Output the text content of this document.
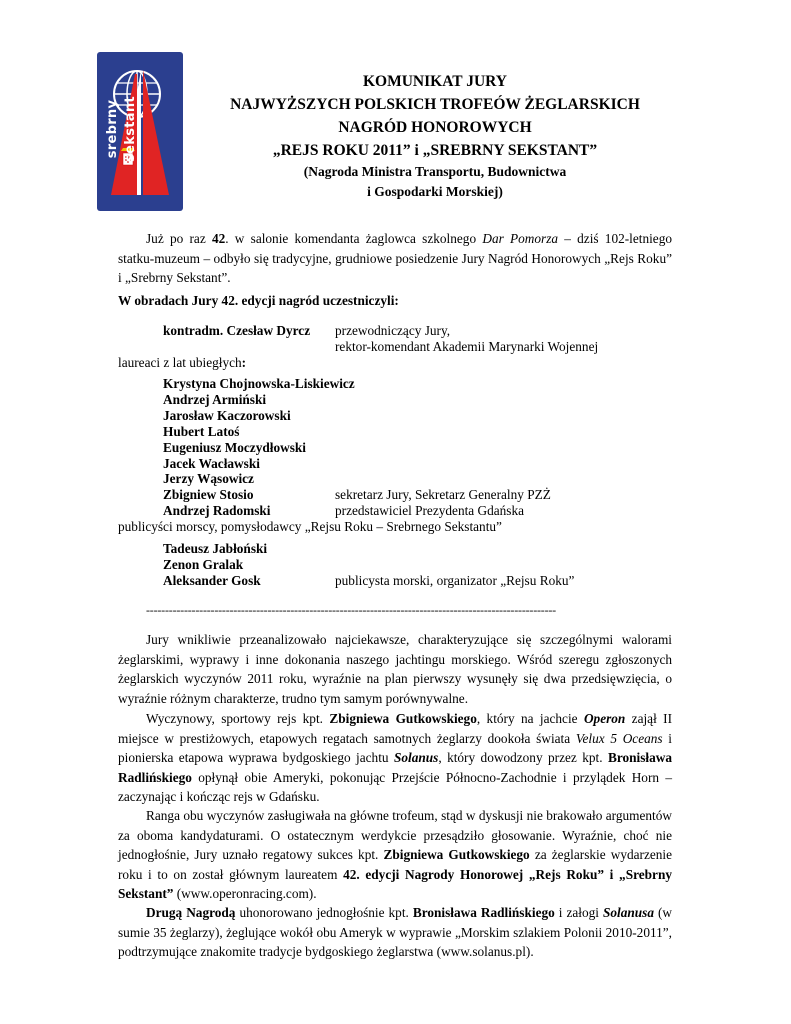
srebrny sekstant	rejs roku
KOMUNIKAT JURY
NAJWYŻSZYCH POLSKICH TROFEÓW ŻEGLARSKICH
NAGRÓD HONOROWYCH
„REJS ROKU 2011” i „SREBRNY SEKSTANT”
(Nagroda Ministra Transportu, Budownictwa
i Gospodarki Morskiej)
Już po raz 42. w salonie komendanta żaglowca szkolnego Dar Pomorza – dziś 102-letniego statku-muzeum – odbyło się tradycyjne, grudniowe posiedzenie Jury Nagród Honorowych „Rejs Roku” i „Srebrny Sekstant”.
W obradach Jury 42. edycji nagród uczestniczyli:
kontradm. Czesław Dyrcz przewodniczący Jury,
rektor-komendant Akademii Marynarki Wojennej
laureaci z lat ubiegłych:
Krystyna Chojnowska-Liskiewicz
Andrzej Armiński
Jarosław Kaczorowski
Hubert Latoś
Eugeniusz Moczydłowski
Jacek Wacławski
Jerzy Wąsowicz
Zbigniew Stosio	sekretarz Jury, Sekretarz Generalny PZŻ
Andrzej Radomski	przedstawiciel Prezydenta Gdańska
publicyści morscy, pomysłodawcy „Rejsu Roku – Srebrnego Sekstantu”
Tadeusz Jabłoński
Zenon Gralak
Aleksander Gosk	publicysta morski, organizator „Rejsu Roku”
------------------------------------------------------------------------------------------------------------
Jury wnikliwie przeanalizowało najciekawsze, charakteryzujące się szczególnymi walorami żeglarskimi, wyprawy i inne dokonania naszego jachtingu morskiego. Wśród szeregu zgłoszonych żeglarskich wyczynów 2011 roku, wyraźnie na plan pierwszy wysunęły się dwa przedsięwzięcia, o wyraźnie różnym charakterze, trudno tym samym porównywalne.
Wyczynowy, sportowy rejs kpt. Zbigniewa Gutkowskiego, który na jachcie Operon zajął II miejsce w prestiżowych, etapowych regatach samotnych żeglarzy dookoła świata Velux 5 Oceans i pionierska etapowa wyprawa bydgoskiego jachtu Solanus, który dowodzony przez kpt. Bronisława Radlińskiego opłynął obie Ameryki, pokonując Przejście Północno-Zachodnie i przylądek Horn – zaczynając i kończąc rejs w Gdańsku.
Ranga obu wyczynów zasługiwała na główne trofeum, stąd w dyskusji nie brakowało argumentów za oboma kandydaturami. O ostatecznym werdykcie przesądziło głosowanie. Wyraźnie, choć nie jednogłośnie, Jury uznało regatowy sukces kpt. Zbigniewa Gutkowskiego za żeglarskie wydarzenie roku i to on został głównym laureatem 42. edycji Nagrody Honorowej „Rejs Roku” i „Srebrny Sekstant” (www.operonracing.com).
Drugą Nagrodą uhonorowano jednogłośnie kpt. Bronisława Radlińskiego i załogi Solanusa (w sumie 35 żeglarzy), żeglujące wokół obu Ameryk w wyprawie „Morskim szlakiem Polonii 2010-2011”, podtrzymujące znakomite tradycje bydgoskiego żeglarstwa (www.solanus.pl).
